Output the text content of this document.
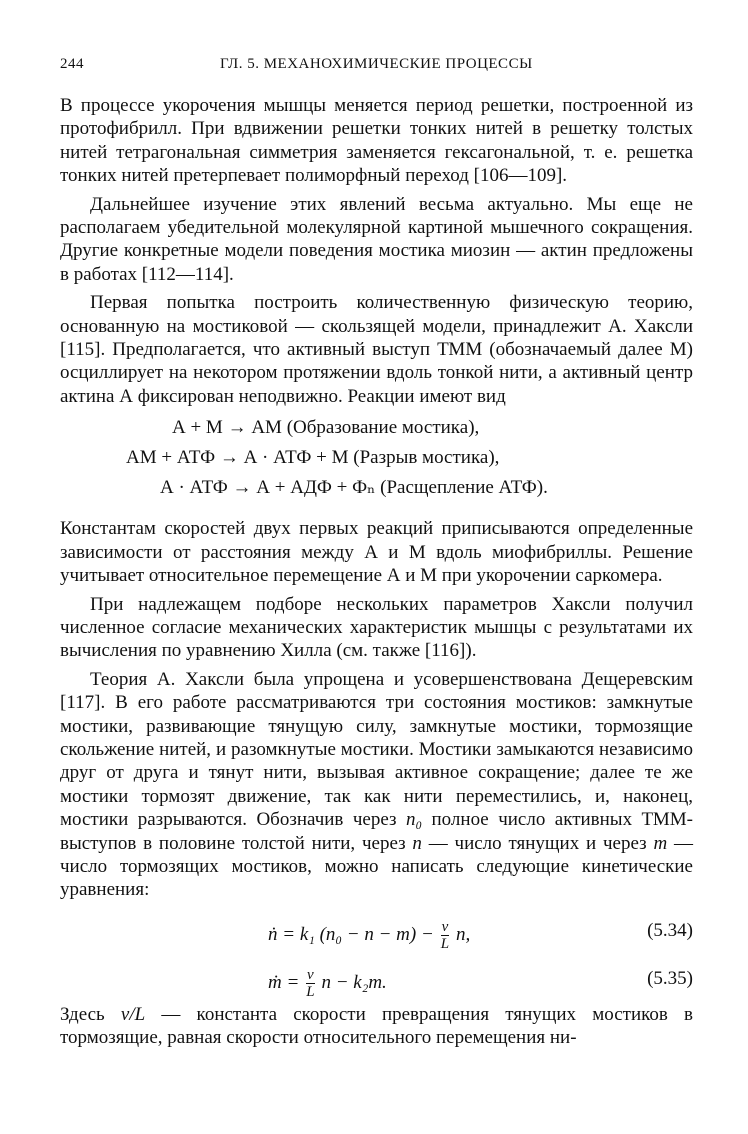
244	ГЛ. 5. МЕХАНОХИМИЧЕСКИЕ ПРОЦЕССЫ

В процессе укорочения мышцы меняется период решетки, построенной из протофибрилл. При вдвижении решетки тонких нитей в решетку толстых нитей тетрагональная симметрия заменяется гексагональной, т. е. решетка тонких нитей претерпевает полиморфный переход [106—109].

Дальнейшее изучение этих явлений весьма актуально. Мы еще не располагаем убедительной молекулярной картиной мышечного сокращения. Другие конкретные модели поведения мостика миозин — актин предложены в работах [112—114].

Первая попытка построить количественную физическую теорию, основанную на мостиковой — скользящей модели, принадлежит А. Хаксли [115]. Предполагается, что активный выступ ТММ (обозначаемый далее М) осциллирует на некотором протяжении вдоль тонкой нити, а активный центр актина А фиксирован неподвижно. Реакции имеют вид

А + М → АМ (Образование мостика),
АМ + АТФ → А · АТФ + М (Разрыв мостика),
А · АТФ → А + АДФ + Фₙ (Расщепление АТФ).

Константам скоростей двух первых реакций приписываются определенные зависимости от расстояния между А и М вдоль миофибриллы. Решение учитывает относительное перемещение А и М при укорочении саркомера.

При надлежащем подборе нескольких параметров Хаксли получил численное согласие механических характеристик мышцы с результатами их вычисления по уравнению Хилла (см. также [116]).

Теория А. Хаксли была упрощена и усовершенствована Дещеревским [117]. В его работе рассматриваются три состояния мостиков: замкнутые мостики, развивающие тянущую силу, замкнутые мостики, тормозящие скольжение нитей, и разомкнутые мостики. Мостики замыкаются независимо друг от друга и тянут нити, вызывая активное сокращение; далее те же мостики тормозят движение, так как нити переместились, и, наконец, мостики разрываются. Обозначив через n₀ полное число активных ТММ-выступов в половине толстой нити, через n — число тянущих и через m — число тормозящих мостиков, можно написать следующие кинетические уравнения:

ṅ = k₁ $(n_0 - n - m) - \frac{v}{L} n$,	(5.34)
ṁ = $\frac{v}{L}$ n − k₂m.	(5.35)

Здесь v/L — константа скорости превращения тянущих мостиков в тормозящие, равная скорости относительного перемещения ни-
